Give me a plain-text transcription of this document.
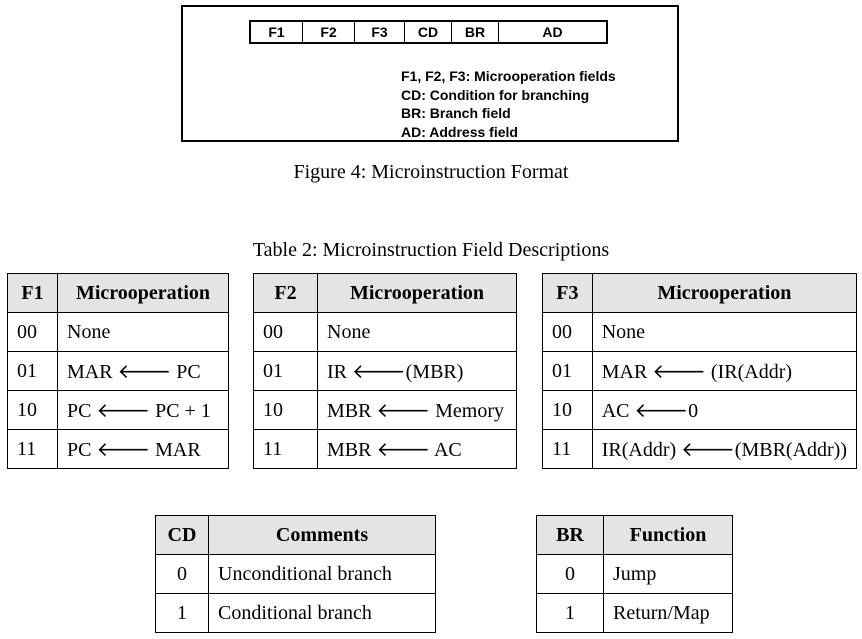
F1	F2	F3	CD	BR	AD
F1, F2, F3: Microoperation fields
CD: Condition for branching
BR: Branch field
AD: Address field
Figure 4: Microinstruction Format
Table 2: Microinstruction Field Descriptions
F1	Microoperation
00	None
01	MAR 🡐 PC
10	PC 🡐 PC + 1
11	PC 🡐 MAR
F2	Microoperation
00	None
01	IR 🡐(MBR)
10	MBR 🡐 Memory
11	MBR 🡐 AC
F3	Microoperation
00	None
01	MAR 🡐 (IR(Addr)
10	AC 🡐0
11	IR(Addr) 🡐(MBR(Addr))
CD	Comments
0	Unconditional branch
1	Conditional branch
BR	Function
0	Jump
1	Return/Map
